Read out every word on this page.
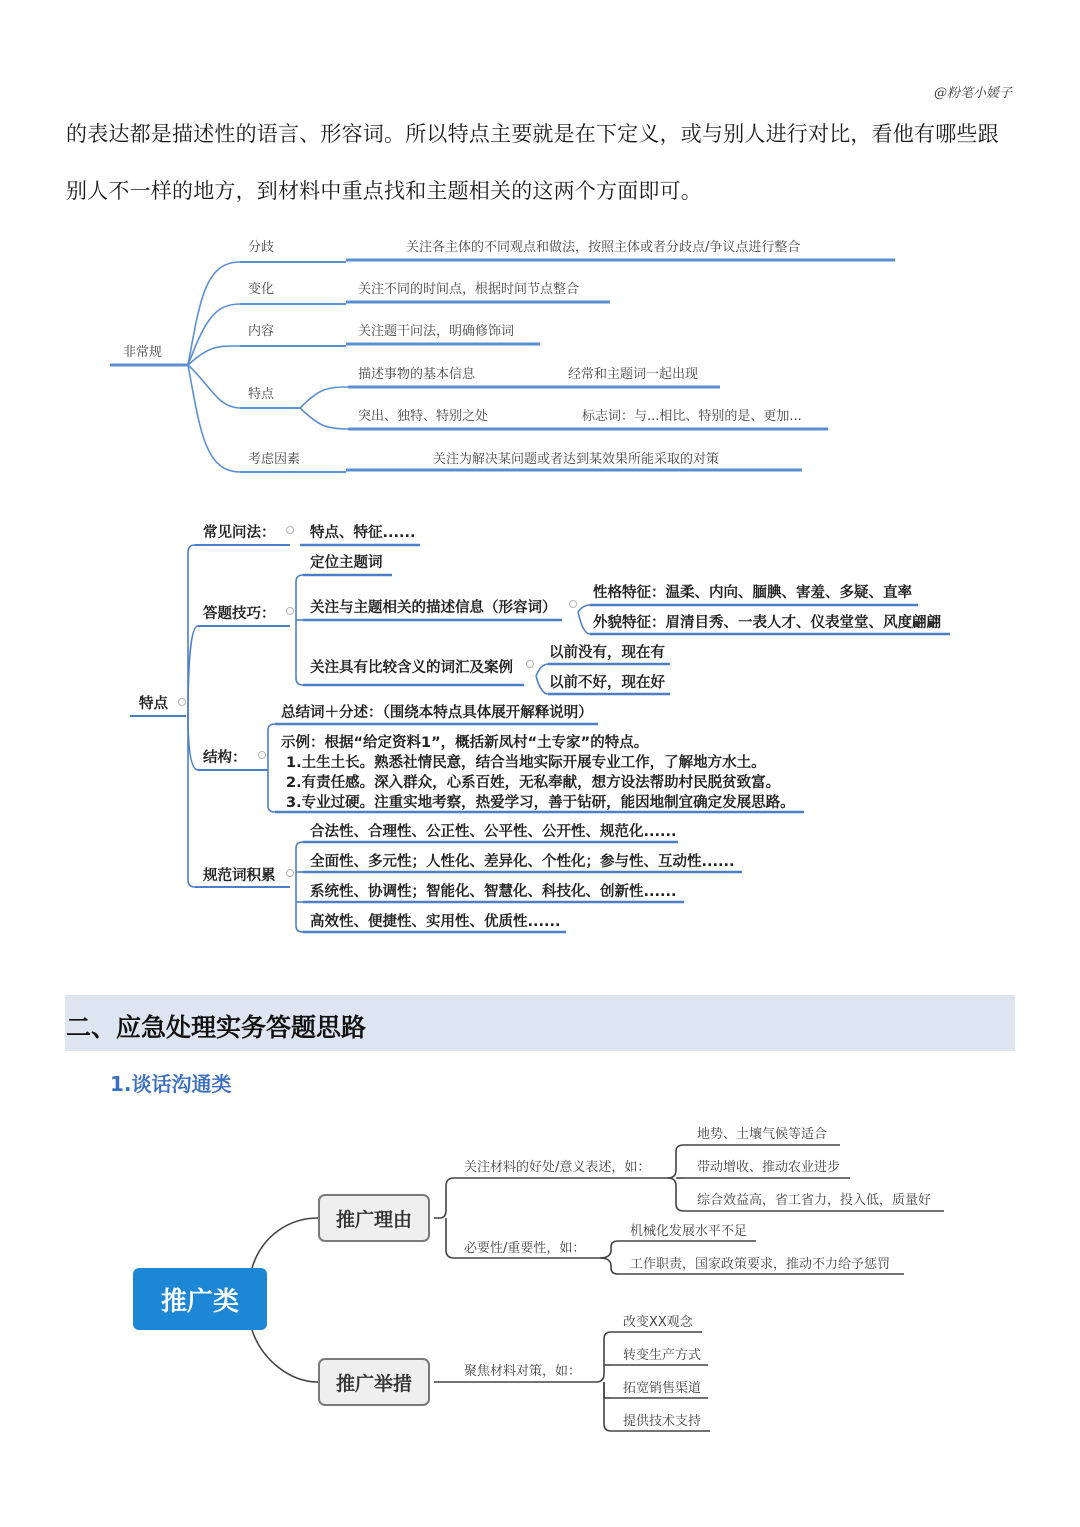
@粉笔小媛子
的表达都是描述性的语言、形容词。所以特点主要就是在下定义，或与别人进行对比，看他有哪些跟
别人不一样的地方，到材料中重点找和主题相关的这两个方面即可。
非常规
分歧	关注各主体的不同观点和做法，按照主体或者分歧点/争议点进行整合
变化	关注不同的时间点，根据时间节点整合
内容	关注题干问法，明确修饰词
特点
描述事物的基本信息	经常和主题词一起出现
突出、独特、特别之处	标志词：与...相比、特别的是、更加...
考虑因素	关注为解决某问题或者达到某效果所能采取的对策
特点
常见问法： 特点、特征......
答题技巧：
定位主题词
关注与主题相关的描述信息（形容词）
性格特征：温柔、内向、腼腆、害羞、多疑、直率
外貌特征：眉清目秀、一表人才、仪表堂堂、风度翩翩
关注具有比较含义的词汇及案例
以前没有，现在有
以前不好，现在好
结构：
总结词＋分述：（围绕本特点具体展开解释说明）
示例：根据“给定资料1”，概括新凤村“土专家”的特点。
1.土生土长。熟悉社情民意，结合当地实际开展专业工作，了解地方水土。
2.有责任感。深入群众，心系百姓，无私奉献，想方设法帮助村民脱贫致富。
3.专业过硬。注重实地考察，热爱学习，善于钻研，能因地制宜确定发展思路。
规范词积累
合法性、合理性、公正性、公平性、公开性、规范化......
全面性、多元性；人性化、差异化、个性化；参与性、互动性......
系统性、协调性；智能化、智慧化、科技化、创新性......
高效性、便捷性、实用性、优质性......
二、应急处理实务答题思路
1.谈话沟通类
推广类
推广理由
推广举措
关注材料的好处/意义表述，如：
地势、土壤气候等适合
带动增收、推动农业进步
综合效益高，省工省力，投入低，质量好
必要性/重要性，如：
机械化发展水平不足
工作职责，国家政策要求，推动不力给予惩罚
聚焦材料对策，如：
改变XX观念
转变生产方式
拓宽销售渠道
提供技术支持
